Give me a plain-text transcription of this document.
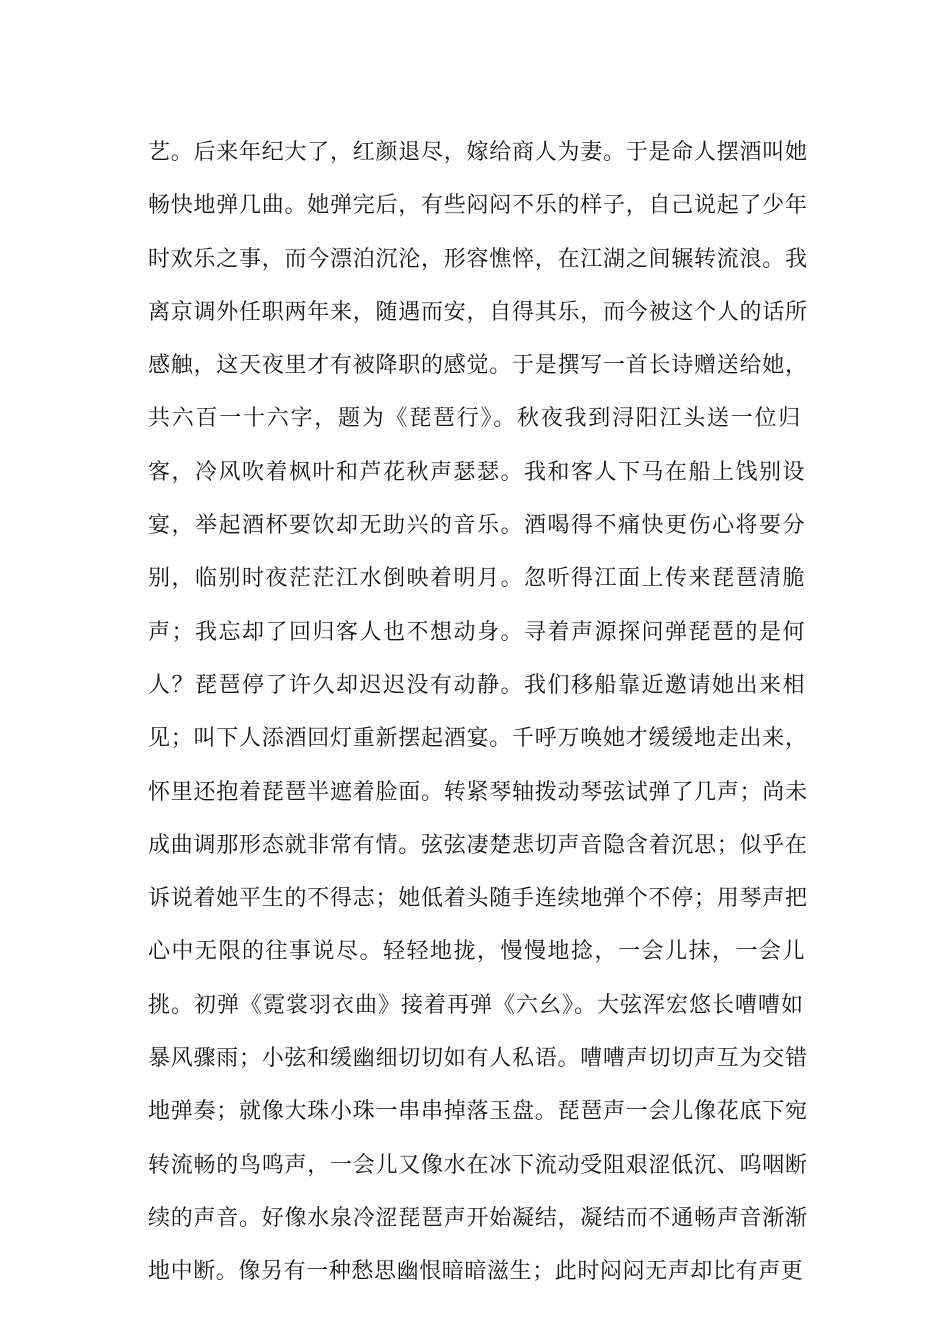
艺。后来年纪大了，红颜退尽，嫁给商人为妻。于是命人摆酒叫她
畅快地弹几曲。她弹完后，有些闷闷不乐的样子，自己说起了少年
时欢乐之事，而今漂泊沉沦，形容憔悴，在江湖之间辗转流浪。我
离京调外任职两年来，随遇而安，自得其乐，而今被这个人的话所
感触，这天夜里才有被降职的感觉。于是撰写一首长诗赠送给她，
共六百一十六字，题为《琵琶行》。秋夜我到浔阳江头送一位归
客，冷风吹着枫叶和芦花秋声瑟瑟。我和客人下马在船上饯别设
宴，举起酒杯要饮却无助兴的音乐。酒喝得不痛快更伤心将要分
别，临别时夜茫茫江水倒映着明月。忽听得江面上传来琵琶清脆
声；我忘却了回归客人也不想动身。寻着声源探问弹琵琶的是何
人？琵琶停了许久却迟迟没有动静。我们移船靠近邀请她出来相
见；叫下人添酒回灯重新摆起酒宴。千呼万唤她才缓缓地走出来，
怀里还抱着琵琶半遮着脸面。转紧琴轴拨动琴弦试弹了几声；尚未
成曲调那形态就非常有情。弦弦凄楚悲切声音隐含着沉思；似乎在
诉说着她平生的不得志；她低着头随手连续地弹个不停；用琴声把
心中无限的往事说尽。轻轻地拢，慢慢地捻，一会儿抹，一会儿
挑。初弹《霓裳羽衣曲》接着再弹《六幺》。大弦浑宏悠长嘈嘈如
暴风骤雨；小弦和缓幽细切切如有人私语。嘈嘈声切切声互为交错
地弹奏；就像大珠小珠一串串掉落玉盘。琵琶声一会儿像花底下宛
转流畅的鸟鸣声，一会儿又像水在冰下流动受阻艰涩低沉、呜咽断
续的声音。好像水泉冷涩琵琶声开始凝结，凝结而不通畅声音渐渐
地中断。像另有一种愁思幽恨暗暗滋生；此时闷闷无声却比有声更
